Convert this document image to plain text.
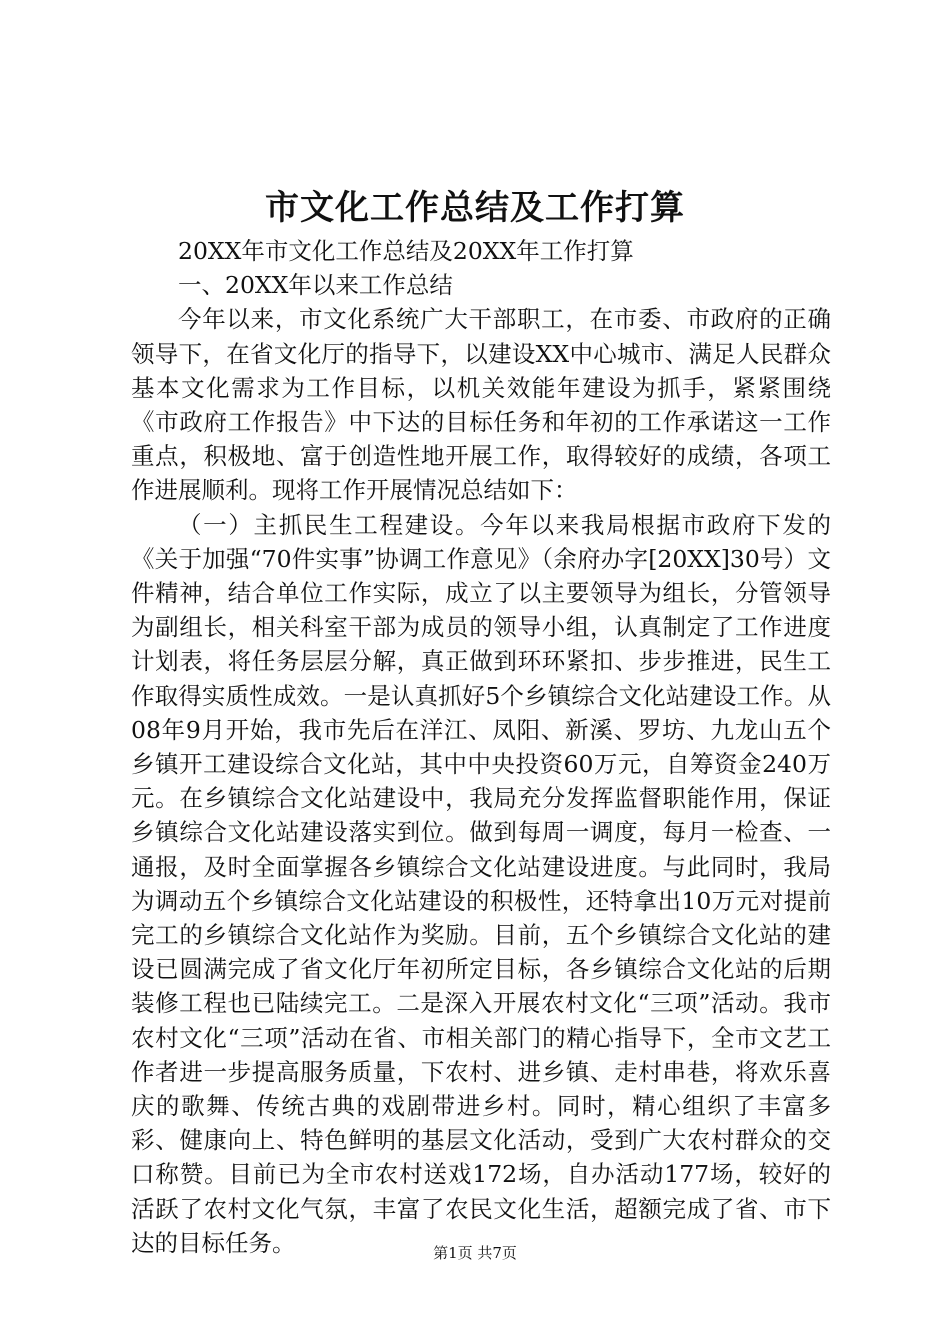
市文化工作总结及工作打算

20XX年市文化工作总结及20XX年工作打算

一、20XX年以来工作总结

今年以来，市文化系统广大干部职工，在市委、市政府的正确领导下，在省文化厅的指导下，以建设XX中心城市、满足人民群众基本文化需求为工作目标，以机关效能年建设为抓手，紧紧围绕《市政府工作报告》中下达的目标任务和年初的工作承诺这一工作重点，积极地、富于创造性地开展工作，取得较好的成绩，各项工作进展顺利。现将工作开展情况总结如下：

（一）主抓民生工程建设。今年以来我局根据市政府下发的《关于加强“70件实事”协调工作意见》（余府办字[20XX]30号）文件精神，结合单位工作实际，成立了以主要领导为组长，分管领导为副组长，相关科室干部为成员的领导小组，认真制定了工作进度计划表，将任务层层分解，真正做到环环紧扣、步步推进，民生工作取得实质性成效。一是认真抓好5个乡镇综合文化站建设工作。从08年9月开始，我市先后在洋江、凤阳、新溪、罗坊、九龙山五个乡镇开工建设综合文化站，其中中央投资60万元，自筹资金240万元。在乡镇综合文化站建设中，我局充分发挥监督职能作用，保证乡镇综合文化站建设落实到位。做到每周一调度，每月一检查、一通报，及时全面掌握各乡镇综合文化站建设进度。与此同时，我局为调动五个乡镇综合文化站建设的积极性，还特拿出10万元对提前完工的乡镇综合文化站作为奖励。目前，五个乡镇综合文化站的建设已圆满完成了省文化厅年初所定目标，各乡镇综合文化站的后期装修工程也已陆续完工。二是深入开展农村文化“三项”活动。我市农村文化“三项”活动在省、市相关部门的精心指导下，全市文艺工作者进一步提高服务质量，下农村、进乡镇、走村串巷，将欢乐喜庆的歌舞、传统古典的戏剧带进乡村。同时，精心组织了丰富多彩、健康向上、特色鲜明的基层文化活动，受到广大农村群众的交口称赞。目前已为全市农村送戏172场，自办活动177场，较好的活跃了农村文化气氛，丰富了农民文化生活，超额完成了省、市下达的目标任务。	第1页 共7页
